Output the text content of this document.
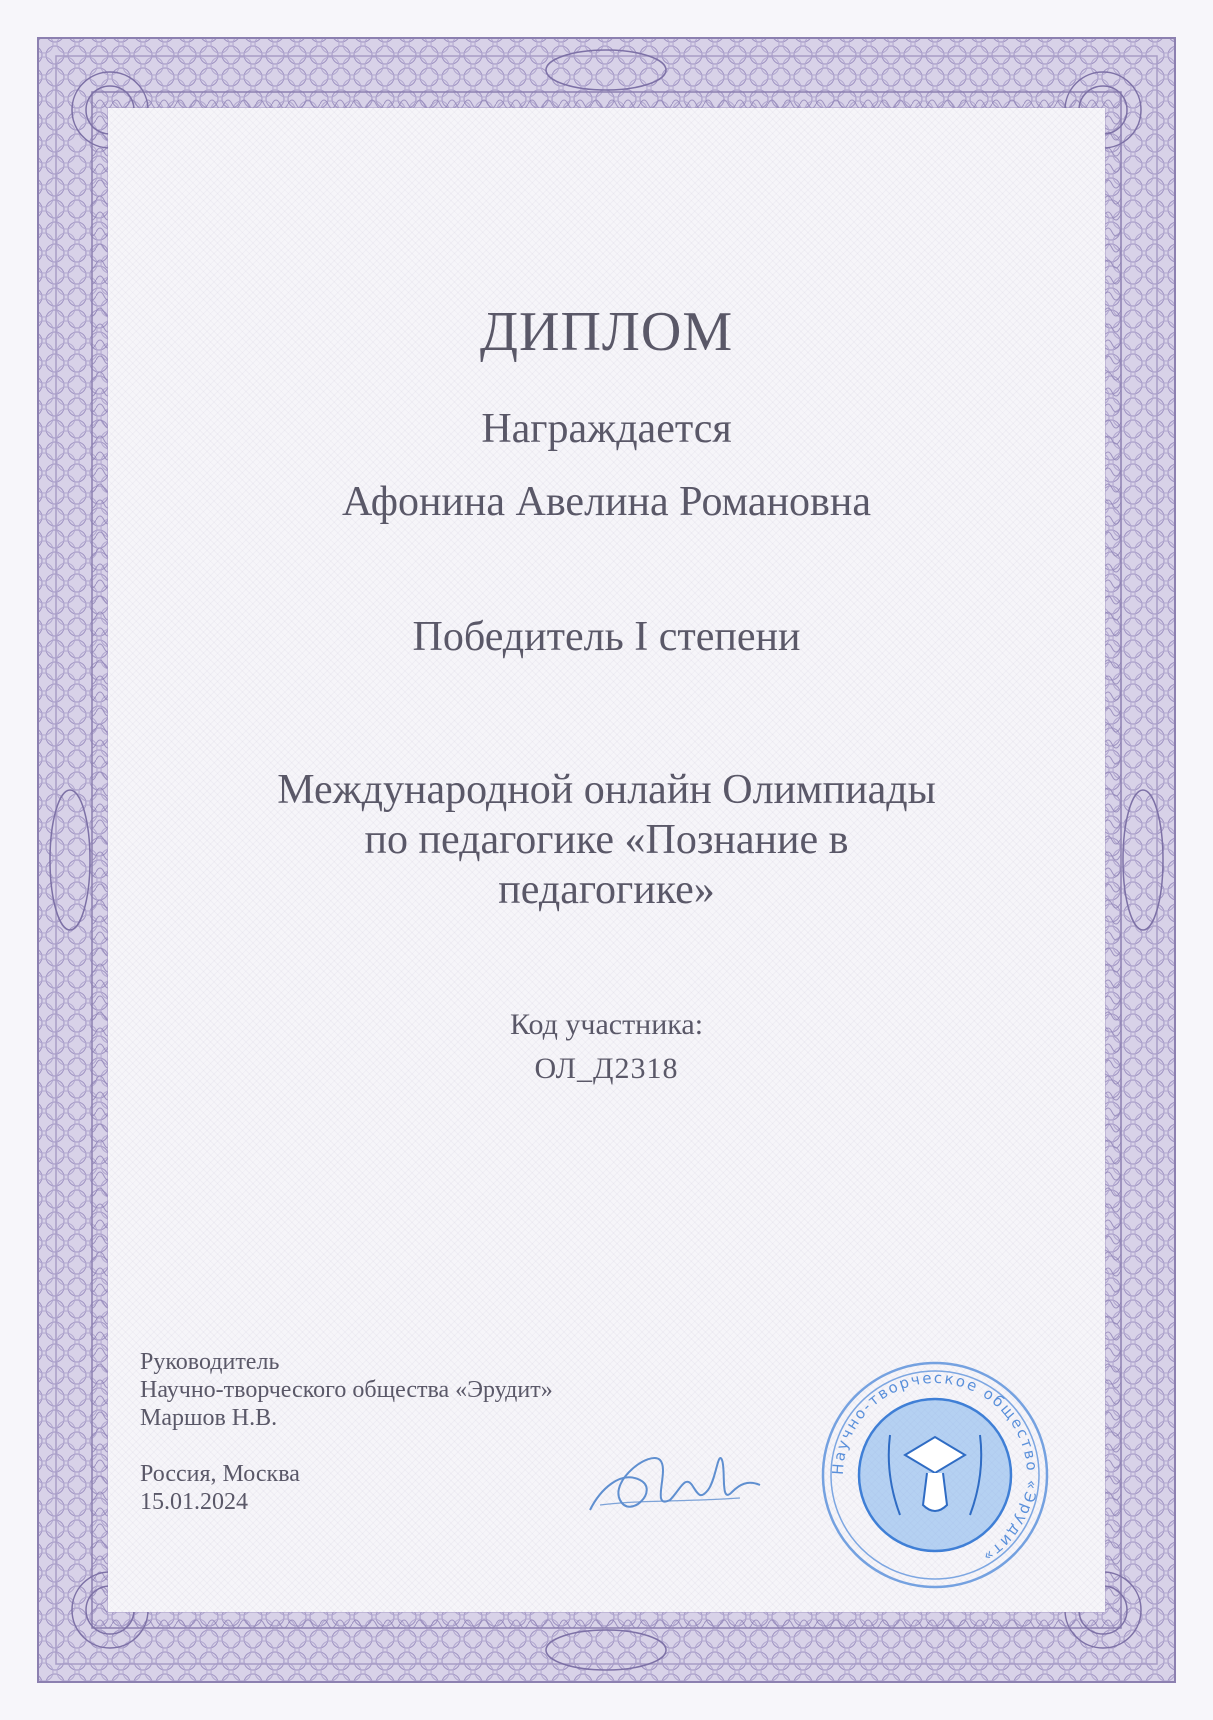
ДИПЛОМ
Награждается
Афонина Авелина Романовна
Победитель I степени
Международной онлайн Олимпиады
по педагогике «Познание в
педагогике»
Код участника:
ОЛ_Д2318
Руководитель
Научно-творческого общества «Эрудит»
Маршов Н.В.
Россия, Москва
15.01.2024
Научно-творческое общество «Эрудит»
